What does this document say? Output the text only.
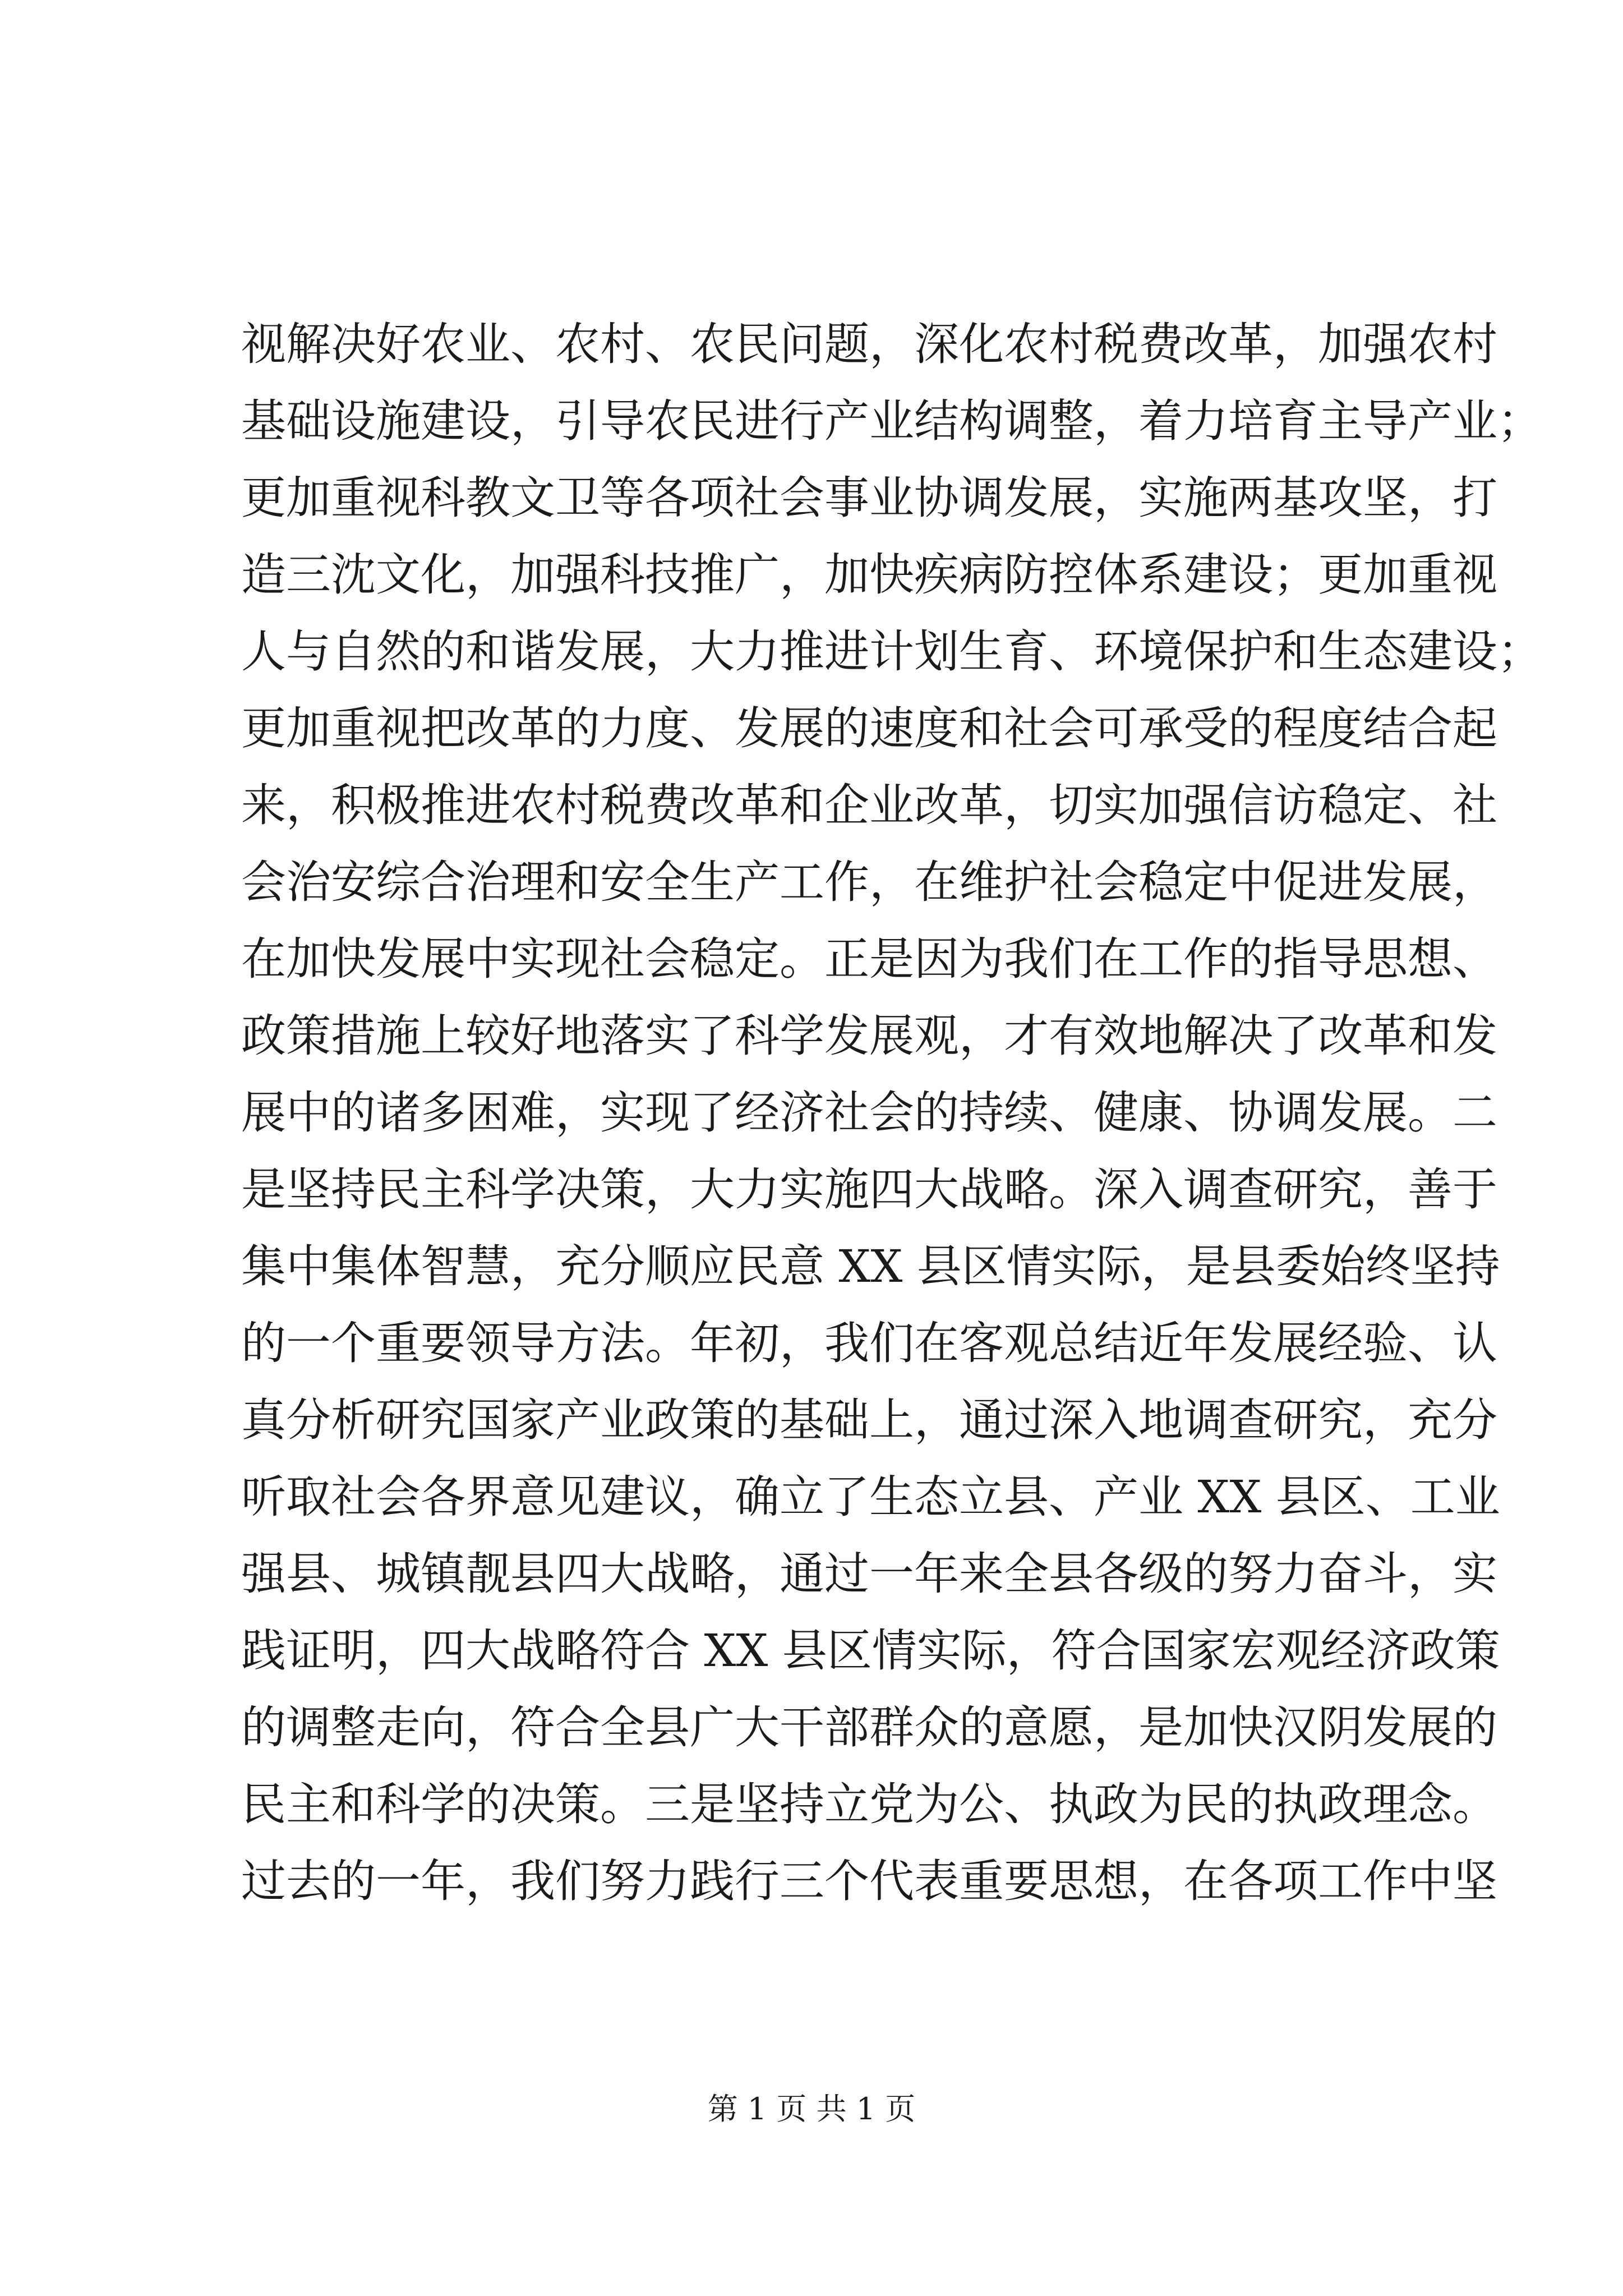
视解决好农业、农村、农民问题，深化农村税费改革，加强农村
基础设施建设，引导农民进行产业结构调整，着力培育主导产业；
更加重视科教文卫等各项社会事业协调发展，实施两基攻坚，打
造三沈文化，加强科技推广，加快疾病防控体系建设；更加重视
人与自然的和谐发展，大力推进计划生育、环境保护和生态建设；
更加重视把改革的力度、发展的速度和社会可承受的程度结合起
来，积极推进农村税费改革和企业改革，切实加强信访稳定、社
会治安综合治理和安全生产工作，在维护社会稳定中促进发展，
在加快发展中实现社会稳定。正是因为我们在工作的指导思想、
政策措施上较好地落实了科学发展观，才有效地解决了改革和发
展中的诸多困难，实现了经济社会的持续、健康、协调发展。二
是坚持民主科学决策，大力实施四大战略。深入调查研究，善于
集中集体智慧，充分顺应民意 XX 县区情实际，是县委始终坚持
的一个重要领导方法。年初，我们在客观总结近年发展经验、认
真分析研究国家产业政策的基础上，通过深入地调查研究，充分
听取社会各界意见建议，确立了生态立县、产业 XX 县区、工业
强县、城镇靓县四大战略，通过一年来全县各级的努力奋斗，实
践证明，四大战略符合 XX 县区情实际，符合国家宏观经济政策
的调整走向，符合全县广大干部群众的意愿，是加快汉阴发展的
民主和科学的决策。三是坚持立党为公、执政为民的执政理念。
过去的一年，我们努力践行三个代表重要思想，在各项工作中坚
第 1 页 共 1 页
